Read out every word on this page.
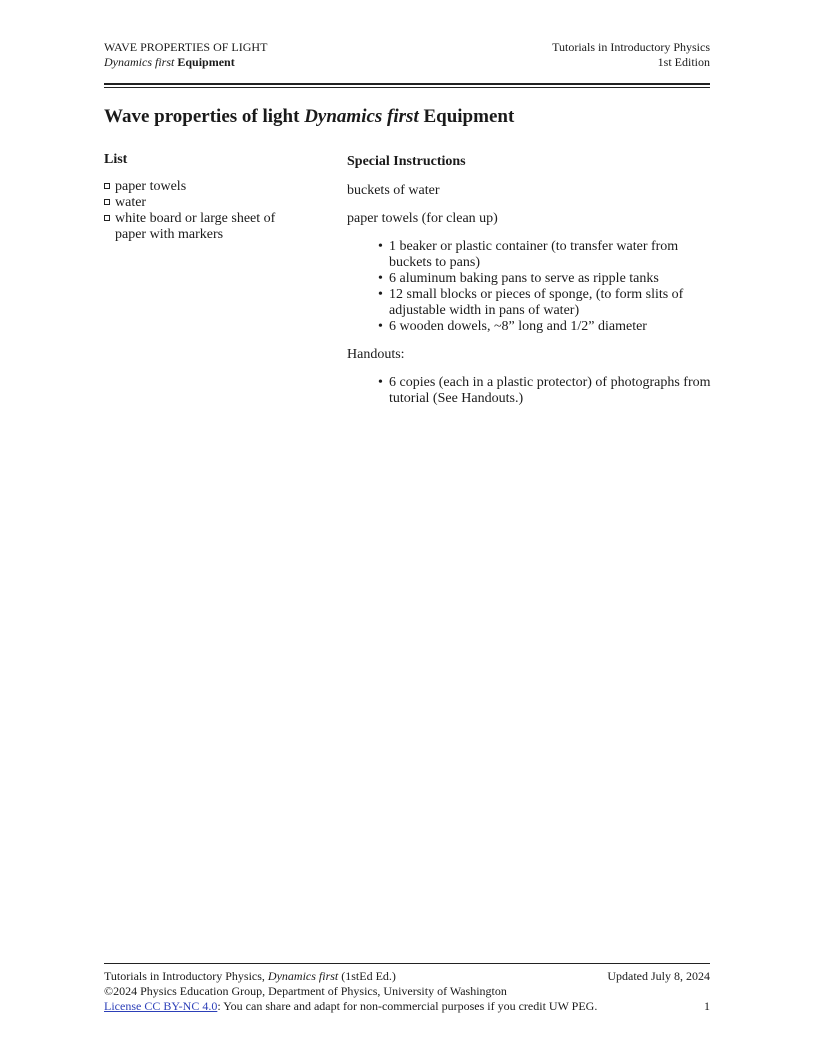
WAVE PROPERTIES OF LIGHT
Dynamics first Equipment
Tutorials in Introductory Physics
1st Edition
Wave properties of light Dynamics first Equipment
List
paper towels
water
white board or large sheet of paper with markers
Special Instructions

buckets of water

paper towels (for clean up)

• 1 beaker or plastic container (to transfer water from buckets to pans)
• 6 aluminum baking pans to serve as ripple tanks
• 12 small blocks or pieces of sponge, (to form slits of adjustable width in pans of water)
• 6 wooden dowels, ~8” long and 1/2” diameter

Handouts:

• 6 copies (each in a plastic protector) of photographs from tutorial (See Handouts.)
Tutorials in Introductory Physics, Dynamics first (1stEd Ed.)	Updated July 8, 2024
©2024 Physics Education Group, Department of Physics, University of Washington
License CC BY-NC 4.0: You can share and adapt for non-commercial purposes if you credit UW PEG.	1
